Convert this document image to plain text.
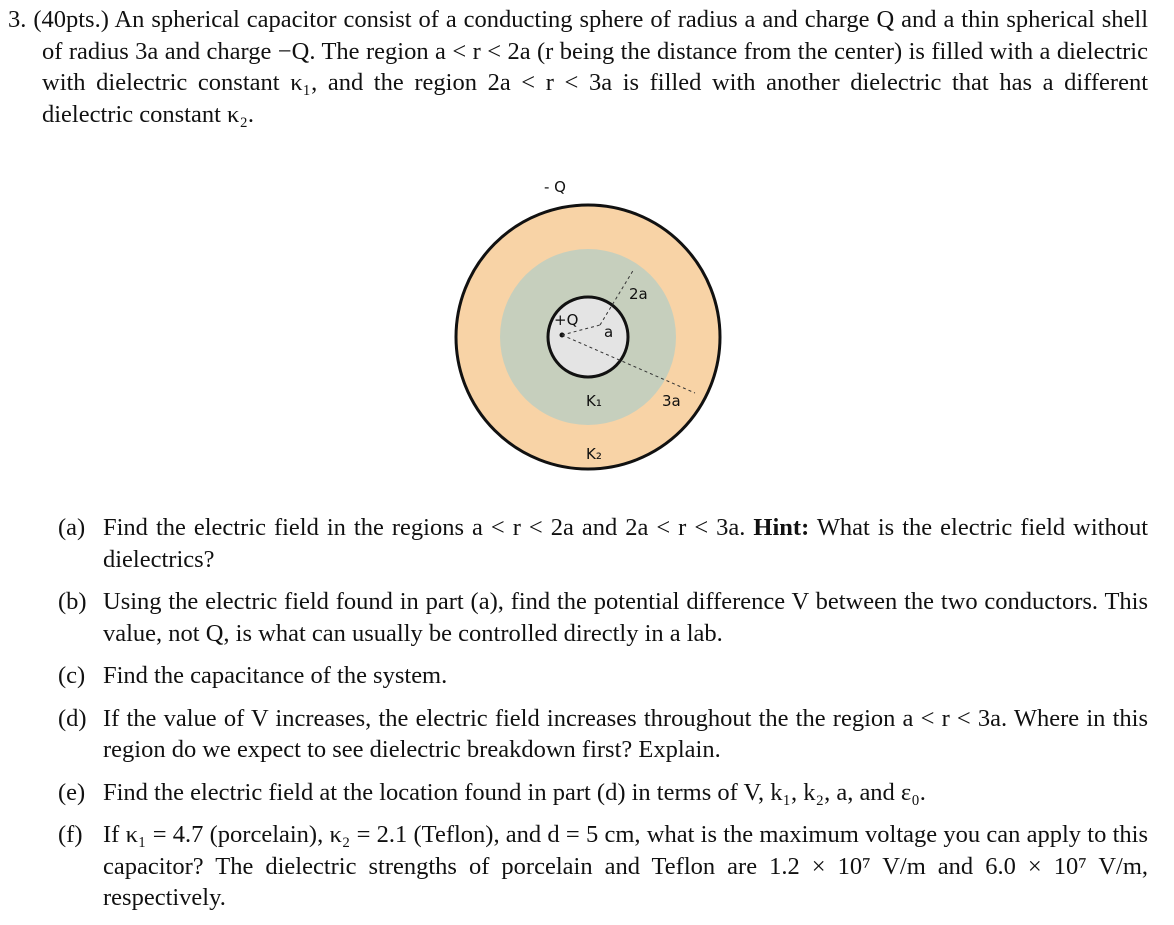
3. (40pts.) An spherical capacitor consist of a conducting sphere of radius a and charge Q and a thin spherical shell of radius 3a and charge −Q. The region a < r < 2a (r being the distance from the center) is filled with a dielectric with dielectric constant κ₁, and the region 2a < r < 3a is filled with another dielectric that has a different dielectric constant κ₂.

- Q
+Q
a
2a
3a
K₁
K₂
(a) Find the electric field in the regions a < r < 2a and 2a < r < 3a. Hint: What is the electric field without dielectrics?
(b) Using the electric field found in part (a), find the potential difference V between the two conductors. This value, not Q, is what can usually be controlled directly in a lab.
(c) Find the capacitance of the system.
(d) If the value of V increases, the electric field increases throughout the the region a < r < 3a. Where in this region do we expect to see dielectric breakdown first? Explain.
(e) Find the electric field at the location found in part (d) in terms of V, k₁, k₂, a, and ε₀.
(f) If κ₁ = 4.7 (porcelain), κ₂ = 2.1 (Teflon), and d = 5 cm, what is the maximum voltage you can apply to this capacitor? The dielectric strengths of porcelain and Teflon are 1.2 × 10⁷ V/m and 6.0 × 10⁷ V/m, respectively.
